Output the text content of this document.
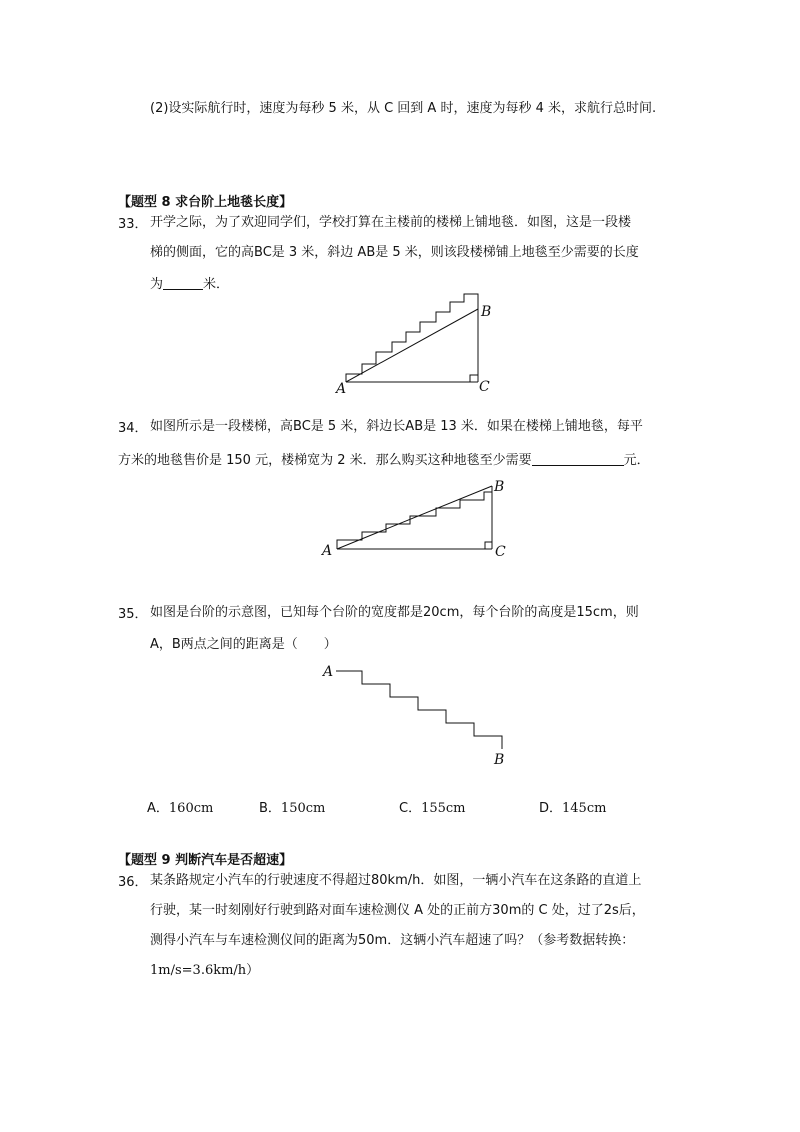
(2)设实际航行时，速度为每秒 5 米，从 C 回到 A 时，速度为每秒 4 米，求航行总时间.
【题型 8 求台阶上地毯长度】
33． 开学之际，为了欢迎同学们，学校打算在主楼前的楼梯上铺地毯．如图，这是一段楼
梯的侧面，它的高BC是 3 米，斜边 AB是 5 米，则该段楼梯铺上地毯至少需要的长度
为	米．
A
B
C
34． 如图所示是一段楼梯，高BC是 5 米，斜边长AB是 13 米．如果在楼梯上铺地毯，每平
方米的地毯售价是 150 元，楼梯宽为 2 米．那么购买这种地毯至少需要	元．
A
B
C
35． 如图是台阶的示意图，已知每个台阶的宽度都是20cm，每个台阶的高度是15cm，则
A，B两点之间的距离是（　　）
A
B
A．160cm	B．150cm	C．155cm	D．145cm
【题型 9 判断汽车是否超速】
36． 某条路规定小汽车的行驶速度不得超过80km/h．如图，一辆小汽车在这条路的直道上
行驶，某一时刻刚好行驶到路对面车速检测仪 A 处的正前方30m的 C 处，过了2s后，
测得小汽车与车速检测仪间的距离为50m．这辆小汽车超速了吗？（参考数据转换：
1m/s=3.6km/h）
